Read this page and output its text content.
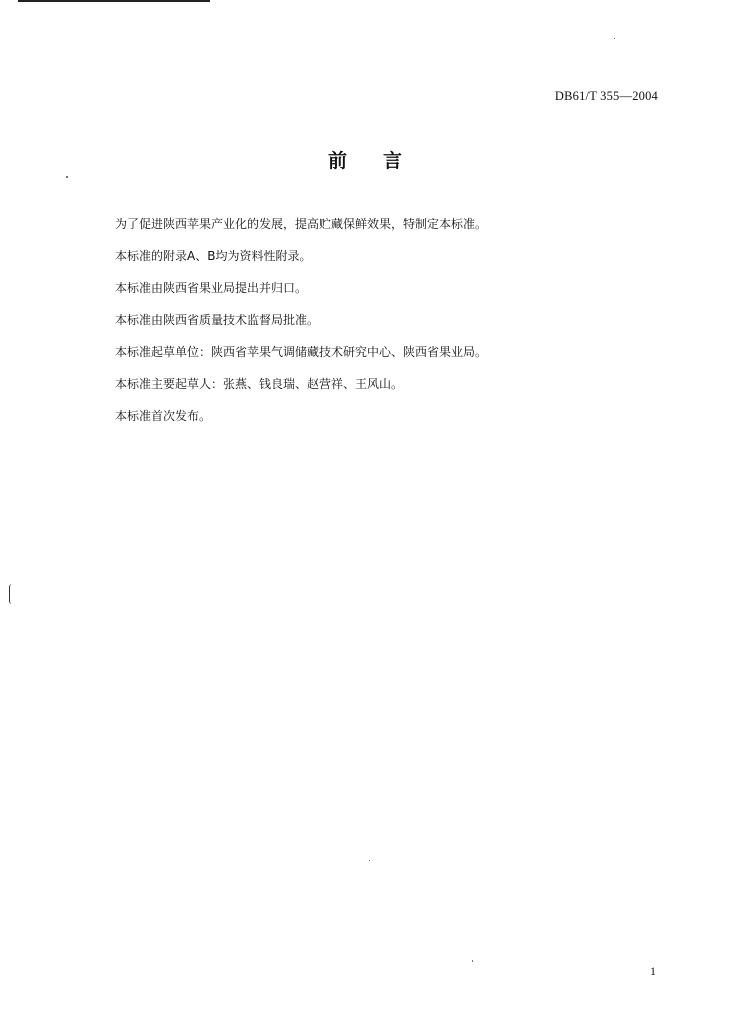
DB61/T 355—2004
前言
为了促进陕西苹果产业化的发展，提高贮藏保鲜效果，特制定本标准。
本标准的附录A、B均为资料性附录。
本标准由陕西省果业局提出并归口。
本标准由陕西省质量技术监督局批准。
本标准起草单位：陕西省苹果气调储藏技术研究中心、陕西省果业局。
本标准主要起草人：张燕、钱良瑞、赵营祥、王风山。
本标准首次发布。
1
